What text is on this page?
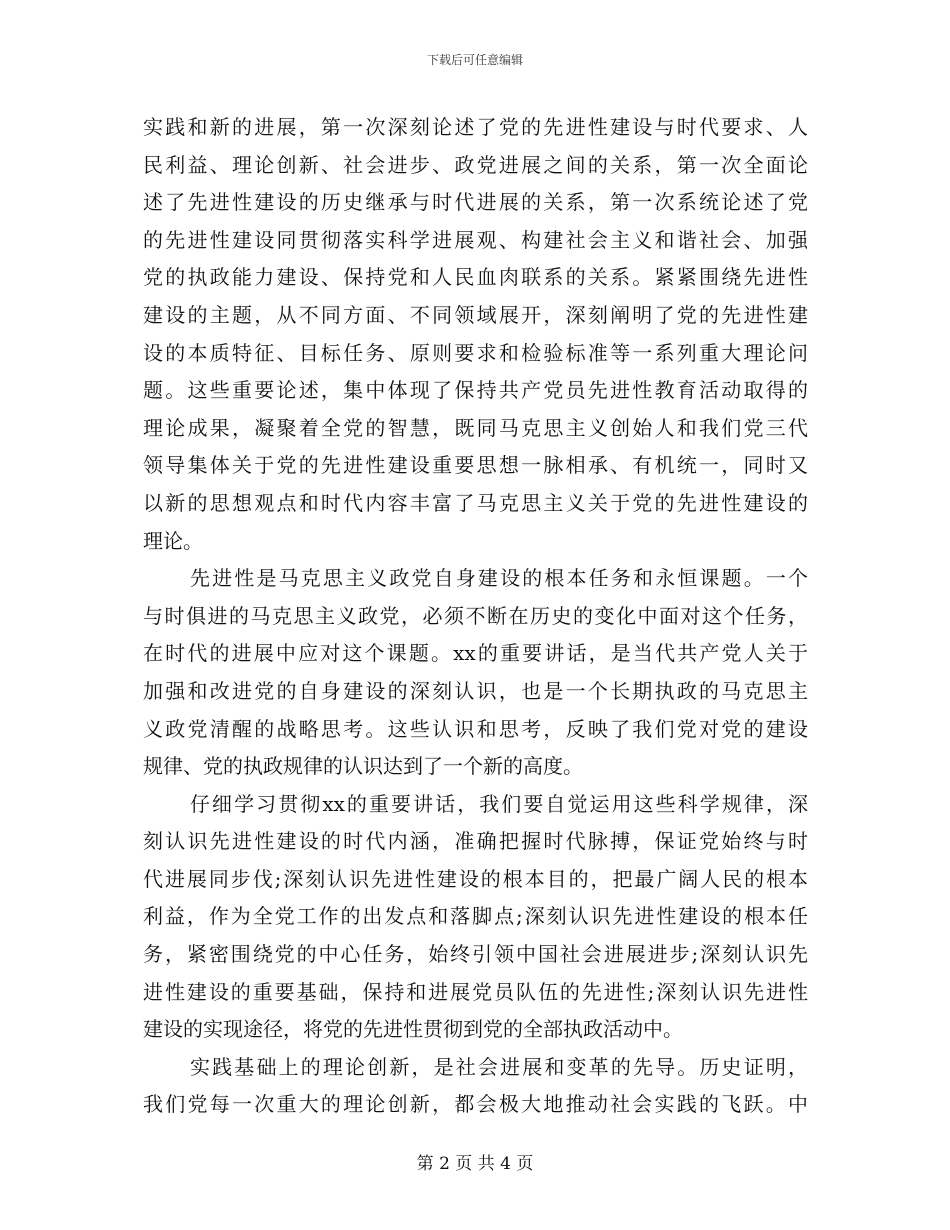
下载后可任意编辑
实践和新的进展，第一次深刻论述了党的先进性建设与时代要求、人
民利益、理论创新、社会进步、政党进展之间的关系，第一次全面论
述了先进性建设的历史继承与时代进展的关系，第一次系统论述了党
的先进性建设同贯彻落实科学进展观、构建社会主义和谐社会、加强
党的执政能力建设、保持党和人民血肉联系的关系。紧紧围绕先进性
建设的主题，从不同方面、不同领域展开，深刻阐明了党的先进性建
设的本质特征、目标任务、原则要求和检验标准等一系列重大理论问
题。这些重要论述，集中体现了保持共产党员先进性教育活动取得的
理论成果，凝聚着全党的智慧，既同马克思主义创始人和我们党三代
领导集体关于党的先进性建设重要思想一脉相承、有机统一，同时又
以新的思想观点和时代内容丰富了马克思主义关于党的先进性建设的
理论。
先进性是马克思主义政党自身建设的根本任务和永恒课题。一个
与时俱进的马克思主义政党，必须不断在历史的变化中面对这个任务，
在时代的进展中应对这个课题。xx的重要讲话，是当代共产党人关于
加强和改进党的自身建设的深刻认识，也是一个长期执政的马克思主
义政党清醒的战略思考。这些认识和思考，反映了我们党对党的建设
规律、党的执政规律的认识达到了一个新的高度。
仔细学习贯彻xx的重要讲话，我们要自觉运用这些科学规律，深
刻认识先进性建设的时代内涵，准确把握时代脉搏，保证党始终与时
代进展同步伐;深刻认识先进性建设的根本目的，把最广阔人民的根本
利益，作为全党工作的出发点和落脚点;深刻认识先进性建设的根本任
务，紧密围绕党的中心任务，始终引领中国社会进展进步;深刻认识先
进性建设的重要基础，保持和进展党员队伍的先进性;深刻认识先进性
建设的实现途径，将党的先进性贯彻到党的全部执政活动中。
实践基础上的理论创新，是社会进展和变革的先导。历史证明，
我们党每一次重大的理论创新，都会极大地推动社会实践的飞跃。中
第 2 页 共 4 页
